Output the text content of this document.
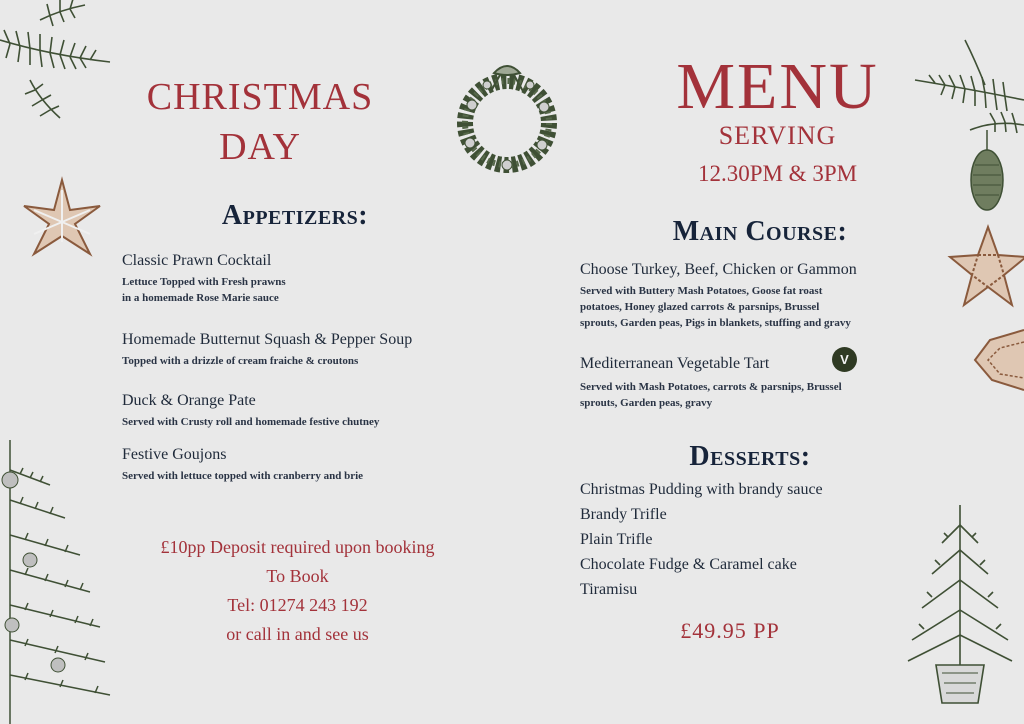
CHRISTMAS
DAY
MENU
SERVING
12.30PM & 3PM
Appetizers:
Classic Prawn Cocktail
Lettuce Topped with Fresh prawns
in a homemade Rose Marie sauce
Homemade Butternut Squash & Pepper Soup
Topped with a drizzle of cream fraiche & croutons
Duck & Orange Pate
Served with Crusty roll and homemade festive chutney
Festive Goujons
Served with lettuce topped with cranberry and brie
£10pp Deposit required upon booking
To Book
Tel: 01274 243 192
or call in and see us
Main Course:
Choose Turkey, Beef, Chicken or Gammon
Served with Buttery Mash Potatoes, Goose fat roast
potatoes, Honey glazed carrots & parsnips, Brussel
sprouts, Garden peas, Pigs in blankets, stuffing and gravy
Mediterranean Vegetable Tart
Served with Mash Potatoes, carrots & parsnips, Brussel
sprouts, Garden peas, gravy
V
Desserts:
Christmas Pudding with brandy sauce
Brandy Trifle
Plain Trifle
Chocolate Fudge & Caramel cake
Tiramisu
£49.95 PP
